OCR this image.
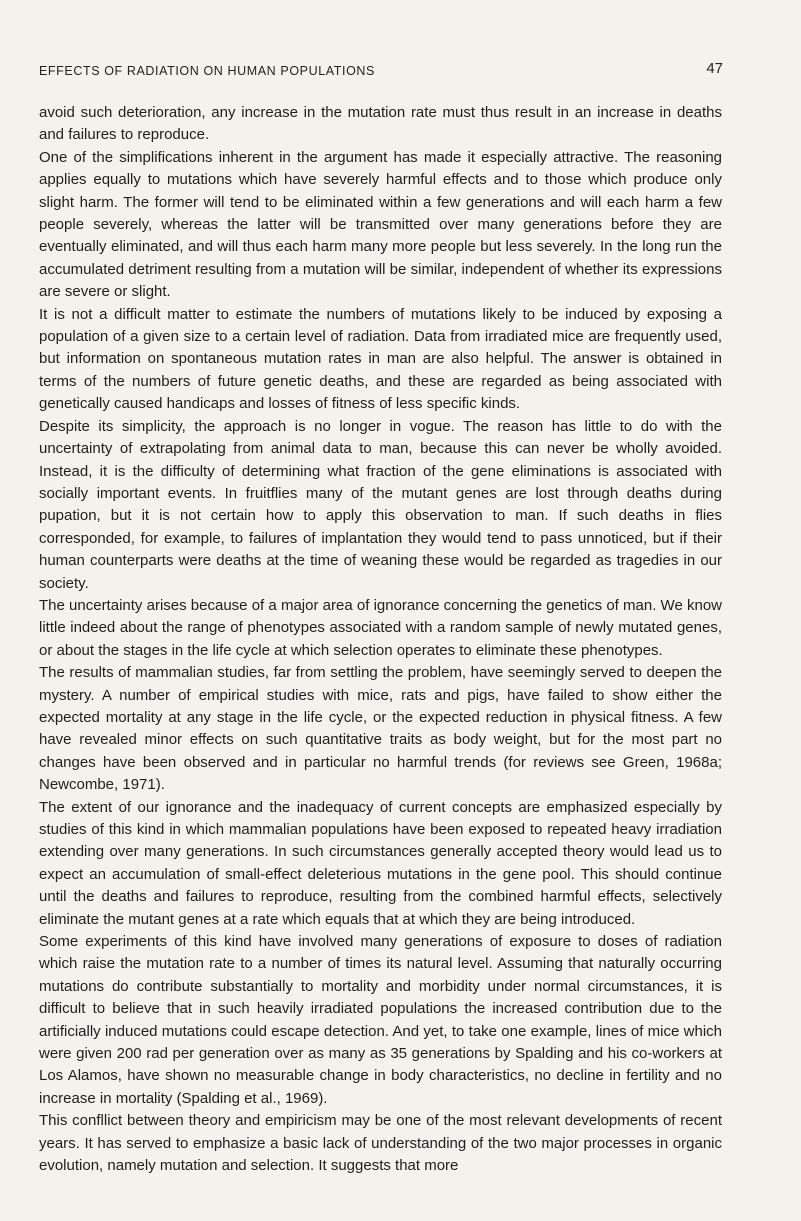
EFFECTS OF RADIATION ON HUMAN POPULATIONS	47

avoid such deterioration, any increase in the mutation rate must thus result in an increase in deaths and failures to reproduce.

One of the simplifications inherent in the argument has made it especially attractive. The reasoning applies equally to mutations which have severely harmful effects and to those which produce only slight harm. The former will tend to be eliminated within a few generations and will each harm a few people severely, whereas the latter will be transmitted over many generations before they are eventually eliminated, and will thus each harm many more people but less severely. In the long run the accumulated detriment resulting from a mutation will be similar, independent of whether its expressions are severe or slight.

It is not a difficult matter to estimate the numbers of mutations likely to be induced by exposing a population of a given size to a certain level of radiation. Data from irradiated mice are frequently used, but information on spontaneous mutation rates in man are also helpful. The answer is obtained in terms of the numbers of future genetic deaths, and these are regarded as being associated with genetically caused handicaps and losses of fitness of less specific kinds.

Despite its simplicity, the approach is no longer in vogue. The reason has little to do with the uncertainty of extrapolating from animal data to man, because this can never be wholly avoided. Instead, it is the difficulty of determining what fraction of the gene eliminations is associated with socially important events. In fruitflies many of the mutant genes are lost through deaths during pupation, but it is not certain how to apply this observation to man. If such deaths in flies corresponded, for example, to failures of implantation they would tend to pass unnoticed, but if their human counterparts were deaths at the time of weaning these would be regarded as tragedies in our society.

The uncertainty arises because of a major area of ignorance concerning the genetics of man. We know little indeed about the range of phenotypes associated with a random sample of newly mutated genes, or about the stages in the life cycle at which selection operates to eliminate these phenotypes.

The results of mammalian studies, far from settling the problem, have seemingly served to deepen the mystery. A number of empirical studies with mice, rats and pigs, have failed to show either the expected mortality at any stage in the life cycle, or the expected reduction in physical fitness. A few have revealed minor effects on such quantitative traits as body weight, but for the most part no changes have been observed and in particular no harmful trends (for reviews see Green, 1968a; Newcombe, 1971).

The extent of our ignorance and the inadequacy of current concepts are emphasized especially by studies of this kind in which mammalian populations have been exposed to repeated heavy irradiation extending over many generations. In such circumstances generally accepted theory would lead us to expect an accumulation of small-effect deleterious mutations in the gene pool. This should continue until the deaths and failures to reproduce, resulting from the combined harmful effects, selectively eliminate the mutant genes at a rate which equals that at which they are being introduced.

Some experiments of this kind have involved many generations of exposure to doses of radiation which raise the mutation rate to a number of times its natural level. Assuming that naturally occurring mutations do contribute substantially to mortality and morbidity under normal circumstances, it is difficult to believe that in such heavily irradiated populations the increased contribution due to the artificially induced mutations could escape detection. And yet, to take one example, lines of mice which were given 200 rad per generation over as many as 35 generations by Spalding and his co-workers at Los Alamos, have shown no measurable change in body characteristics, no decline in fertility and no increase in mortality (Spalding et al., 1969).

This confllict between theory and empiricism may be one of the most relevant developments of recent years. It has served to emphasize a basic lack of understanding of the two major processes in organic evolution, namely mutation and selection. It suggests that more
